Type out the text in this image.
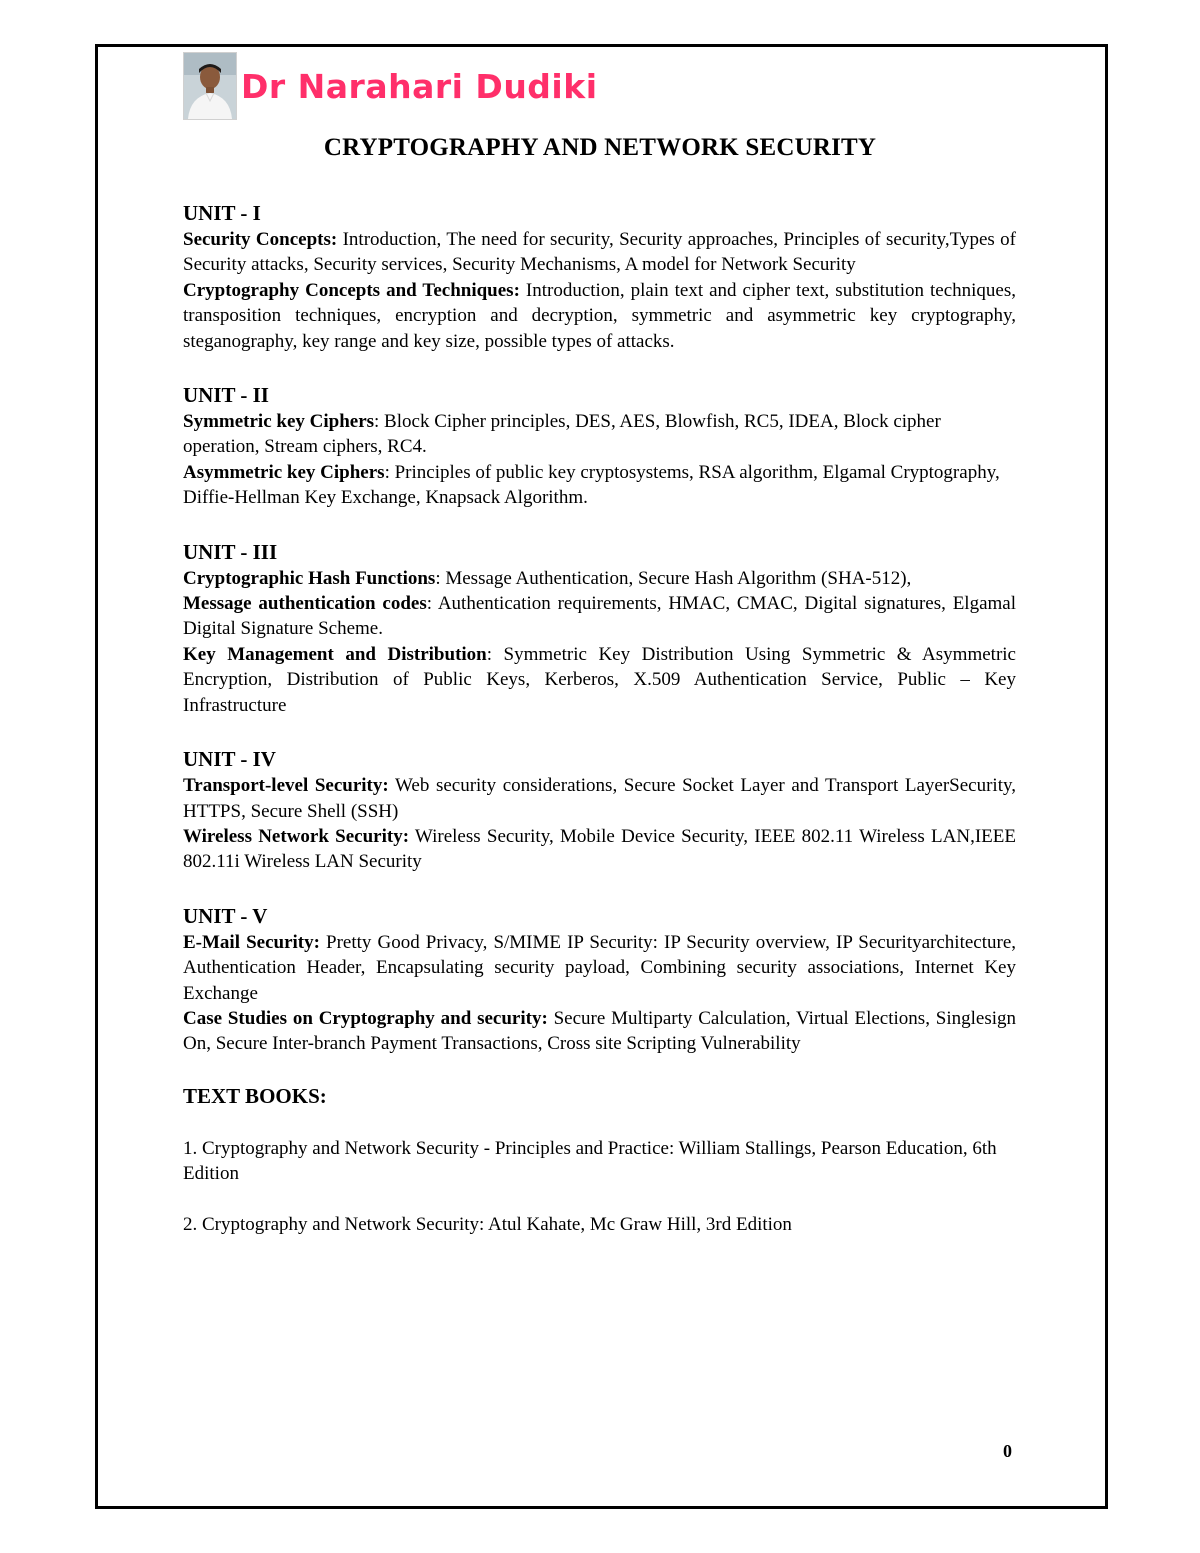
Dr Narahari Dudiki
CRYPTOGRAPHY AND NETWORK SECURITY
UNIT - I

Security Concepts: Introduction, The need for security, Security approaches, Principles of security,Types of Security attacks, Security services, Security Mechanisms, A model for Network Security

Cryptography Concepts and Techniques: Introduction, plain text and cipher text, substitution techniques, transposition techniques, encryption and decryption, symmetric and asymmetric key cryptography, steganography, key range and key size, possible types of attacks.

UNIT - II

Symmetric key Ciphers: Block Cipher principles, DES, AES, Blowfish, RC5, IDEA, Block cipher operation, Stream ciphers, RC4.

Asymmetric key Ciphers: Principles of public key cryptosystems, RSA algorithm, Elgamal Cryptography, Diffie-Hellman Key Exchange, Knapsack Algorithm.

UNIT - III

Cryptographic Hash Functions: Message Authentication, Secure Hash Algorithm (SHA-512),

Message authentication codes: Authentication requirements, HMAC, CMAC, Digital signatures, Elgamal Digital Signature Scheme.

Key Management and Distribution: Symmetric Key Distribution Using Symmetric & Asymmetric Encryption, Distribution of Public Keys, Kerberos, X.509 Authentication Service, Public – Key Infrastructure

UNIT - IV

Transport-level Security: Web security considerations, Secure Socket Layer and Transport LayerSecurity, HTTPS, Secure Shell (SSH)

Wireless Network Security: Wireless Security, Mobile Device Security, IEEE 802.11 Wireless LAN,IEEE 802.11i Wireless LAN Security

UNIT - V

E-Mail Security: Pretty Good Privacy, S/MIME IP Security: IP Security overview, IP Securityarchitecture, Authentication Header, Encapsulating security payload, Combining security associations, Internet Key Exchange

Case Studies on Cryptography and security: Secure Multiparty Calculation, Virtual Elections, Singlesign On, Secure Inter-branch Payment Transactions, Cross site Scripting Vulnerability

TEXT BOOKS:

1. Cryptography and Network Security - Principles and Practice: William Stallings, Pearson Education, 6th Edition

2. Cryptography and Network Security: Atul Kahate, Mc Graw Hill, 3rd Edition

0
